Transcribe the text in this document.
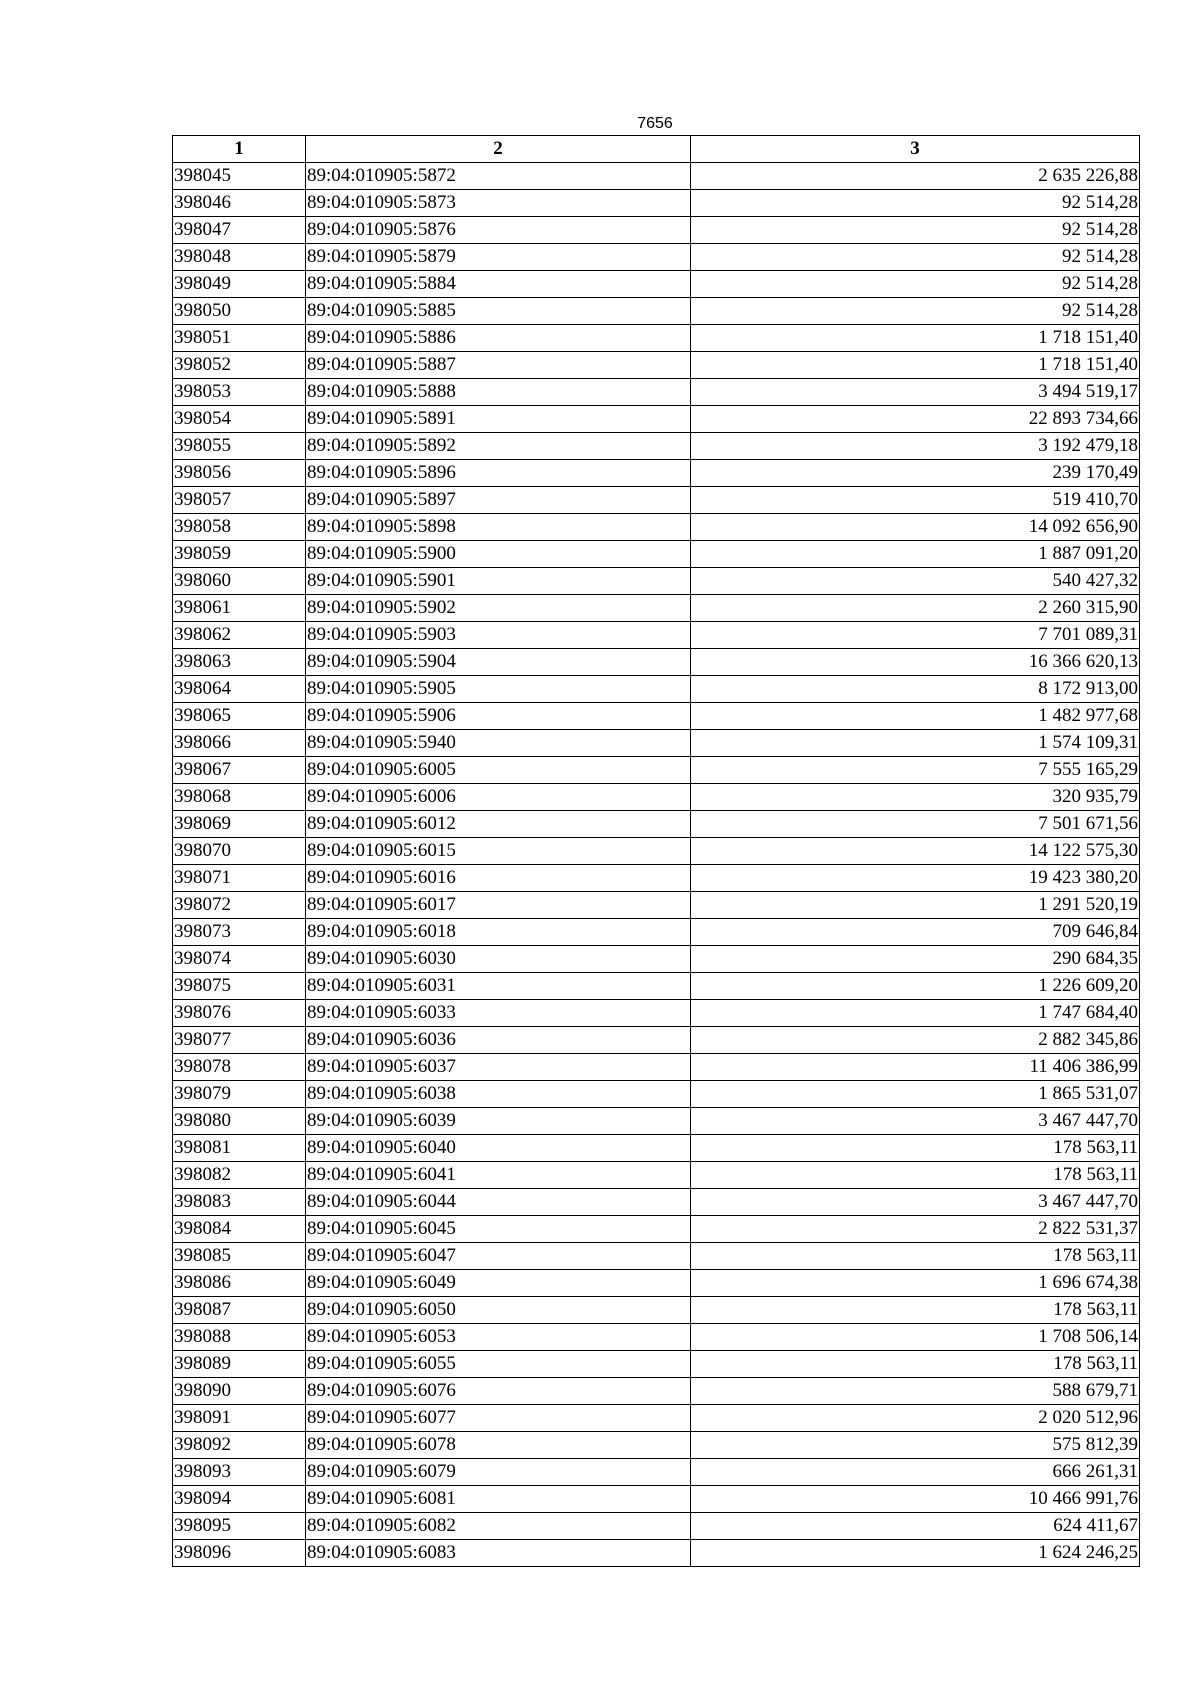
7656
1	2	3
398045	89:04:010905:5872	2 635 226,88
398046	89:04:010905:5873	92 514,28
398047	89:04:010905:5876	92 514,28
398048	89:04:010905:5879	92 514,28
398049	89:04:010905:5884	92 514,28
398050	89:04:010905:5885	92 514,28
398051	89:04:010905:5886	1 718 151,40
398052	89:04:010905:5887	1 718 151,40
398053	89:04:010905:5888	3 494 519,17
398054	89:04:010905:5891	22 893 734,66
398055	89:04:010905:5892	3 192 479,18
398056	89:04:010905:5896	239 170,49
398057	89:04:010905:5897	519 410,70
398058	89:04:010905:5898	14 092 656,90
398059	89:04:010905:5900	1 887 091,20
398060	89:04:010905:5901	540 427,32
398061	89:04:010905:5902	2 260 315,90
398062	89:04:010905:5903	7 701 089,31
398063	89:04:010905:5904	16 366 620,13
398064	89:04:010905:5905	8 172 913,00
398065	89:04:010905:5906	1 482 977,68
398066	89:04:010905:5940	1 574 109,31
398067	89:04:010905:6005	7 555 165,29
398068	89:04:010905:6006	320 935,79
398069	89:04:010905:6012	7 501 671,56
398070	89:04:010905:6015	14 122 575,30
398071	89:04:010905:6016	19 423 380,20
398072	89:04:010905:6017	1 291 520,19
398073	89:04:010905:6018	709 646,84
398074	89:04:010905:6030	290 684,35
398075	89:04:010905:6031	1 226 609,20
398076	89:04:010905:6033	1 747 684,40
398077	89:04:010905:6036	2 882 345,86
398078	89:04:010905:6037	11 406 386,99
398079	89:04:010905:6038	1 865 531,07
398080	89:04:010905:6039	3 467 447,70
398081	89:04:010905:6040	178 563,11
398082	89:04:010905:6041	178 563,11
398083	89:04:010905:6044	3 467 447,70
398084	89:04:010905:6045	2 822 531,37
398085	89:04:010905:6047	178 563,11
398086	89:04:010905:6049	1 696 674,38
398087	89:04:010905:6050	178 563,11
398088	89:04:010905:6053	1 708 506,14
398089	89:04:010905:6055	178 563,11
398090	89:04:010905:6076	588 679,71
398091	89:04:010905:6077	2 020 512,96
398092	89:04:010905:6078	575 812,39
398093	89:04:010905:6079	666 261,31
398094	89:04:010905:6081	10 466 991,76
398095	89:04:010905:6082	624 411,67
398096	89:04:010905:6083	1 624 246,25
